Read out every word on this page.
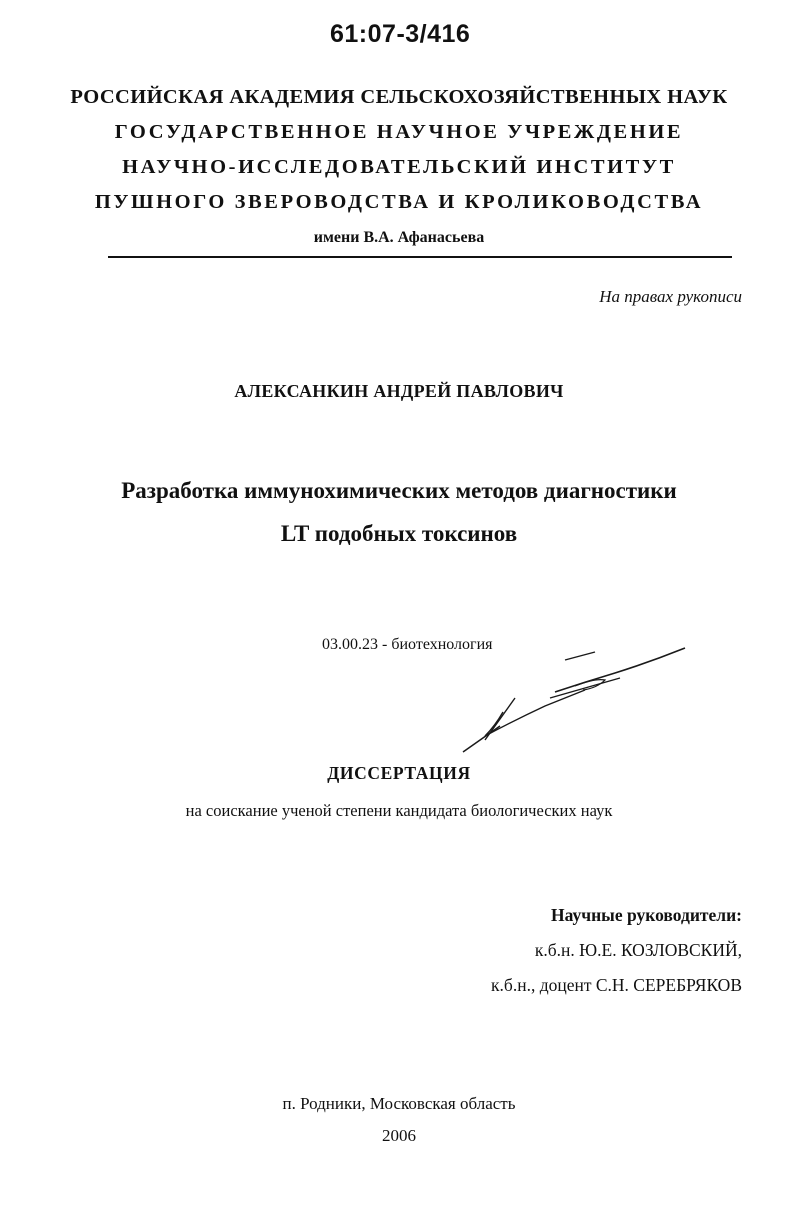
61:07-3/416
РОССИЙСКАЯ АКАДЕМИЯ СЕЛЬСКОХОЗЯЙСТВЕННЫХ НАУК
ГОСУДАРСТВЕННОЕ НАУЧНОЕ УЧРЕЖДЕНИЕ
НАУЧНО-ИССЛЕДОВАТЕЛЬСКИЙ ИНСТИТУТ
ПУШНОГО ЗВЕРОВОДСТВА И КРОЛИКОВОДСТВА
имени В.А. Афанасьева
На правах рукописи
АЛЕКСАНКИН АНДРЕЙ ПАВЛОВИЧ
Разработка иммунохимических методов диагностики
LT подобных токсинов
03.00.23 - биотехнология
ДИССЕРТАЦИЯ
на соискание ученой степени кандидата биологических наук
Научные руководители:
к.б.н. Ю.Е. КОЗЛОВСКИЙ,
к.б.н., доцент С.Н. СЕРЕБРЯКОВ
п. Родники, Московская область
2006
